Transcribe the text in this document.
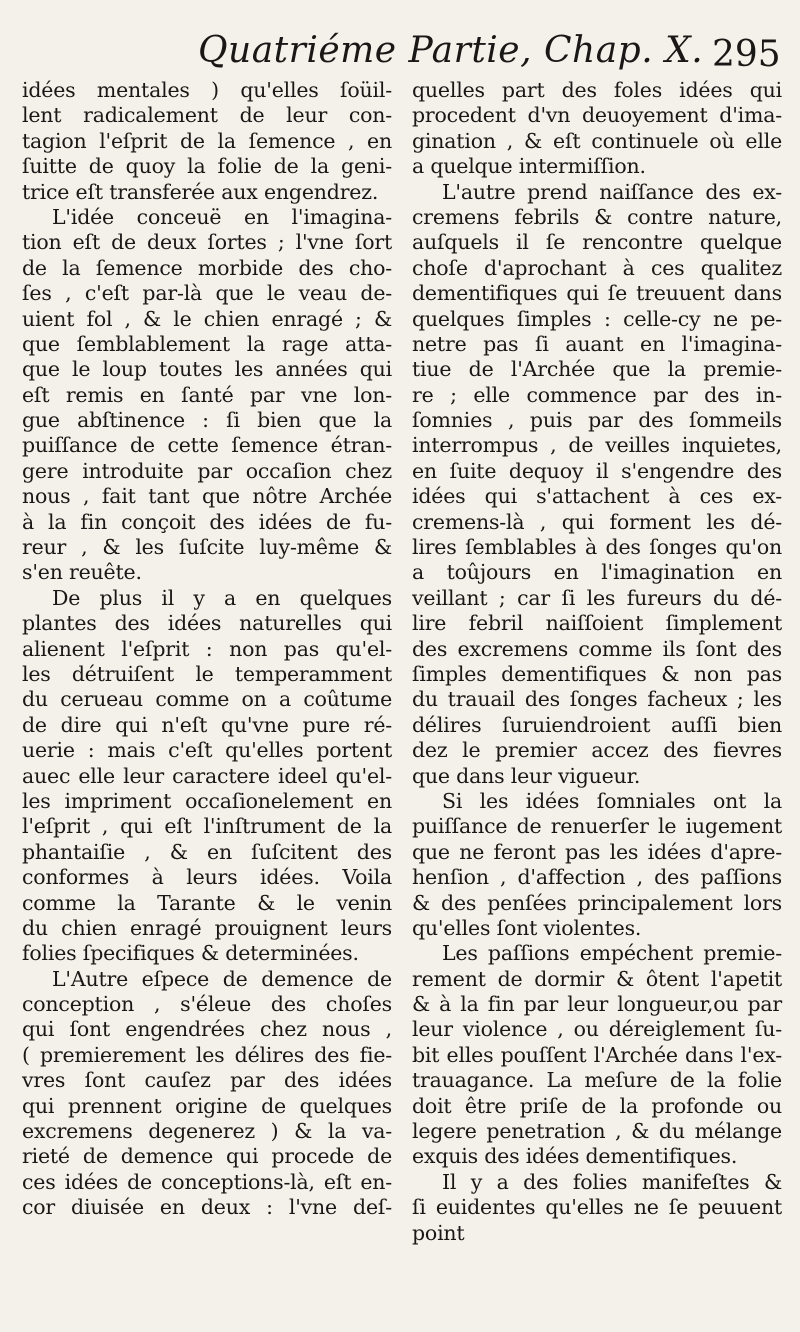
Quatriéme Partie, Chap. X. 295
idées mentales ) qu'elles ſoüil-
lent radicalement de leur con-
tagion l'eſprit de la ſemence , en
ſuitte de quoy la folie de la geni-
trice eſt transferée aux engendrez.
L'idée conceuë en l'imagina-
tion eſt de deux ſortes ; l'vne ſort
de la ſemence morbide des cho-
ſes , c'eſt par-là que le veau de-
uient fol , & le chien enragé ; &
que ſemblablement la rage atta-
que le loup toutes les années qui
eſt remis en ſanté par vne lon-
gue abſtinence : ſi bien que la
puiſſance de cette ſemence étran-
gere introduite par occaſion chez
nous , fait tant que nôtre Archée
à la fin conçoit des idées de fu-
reur , & les ſuſcite luy-même &
s'en reuête.
De plus il y a en quelques
plantes des idées naturelles qui
alienent l'eſprit : non pas qu'el-
les détruiſent le temperamment
du cerueau comme on a coûtume
de dire qui n'eſt qu'vne pure ré-
uerie : mais c'eſt qu'elles portent
auec elle leur caractere ideel qu'el-
les impriment occaſionelement en
l'eſprit , qui eſt l'inſtrument de la
phantaiſie , & en ſuſcitent des
conformes à leurs idées. Voila
comme la Tarante & le venin
du chien enragé prouignent leurs
folies ſpecifiques & determinées.
L'Autre eſpece de demence de
conception , s'éleue des choſes
qui ſont engendrées chez nous ,
( premierement les délires des fie-
vres ſont cauſez par des idées
qui prennent origine de quelques
excremens degenerez ) & la va-
rieté de demence qui procede de
ces idées de conceptions-là, eſt en-
cor diuisée en deux : l'vne deſ-
quelles part des foles idées qui
procedent d'vn deuoyement d'ima-
gination , & eſt continuele où elle
a quelque intermiſſion.
L'autre prend naiſſance des ex-
cremens febrils & contre nature,
auſquels il ſe rencontre quelque
choſe d'aprochant à ces qualitez
dementifiques qui ſe treuuent dans
quelques ſimples : celle-cy ne pe-
netre pas ſi auant en l'imagina-
tiue de l'Archée que la premie-
re ; elle commence par des in-
ſomnies , puis par des ſommeils
interrompus , de veilles inquietes,
en ſuite dequoy il s'engendre des
idées qui s'attachent à ces ex-
cremens-là , qui forment les dé-
lires ſemblables à des ſonges qu'on
a toûjours en l'imagination en
veillant ; car ſi les fureurs du dé-
lire febril naiſſoient ſimplement
des excremens comme ils ſont des
ſimples dementifiques & non pas
du trauail des ſonges facheux ; les
délires ſuruiendroient auſſi bien
dez le premier accez des fievres
que dans leur vigueur.
Si les idées ſomniales ont la
puiſſance de renuerſer le iugement
que ne feront pas les idées d'apre-
henſion , d'affection , des paſſions
& des penſées principalement lors
qu'elles ſont violentes.
Les paſſions empéchent premie-
rement de dormir & ôtent l'apetit
& à la fin par leur longueur,ou par
leur violence , ou déreiglement ſu-
bit elles pouſſent l'Archée dans l'ex-
trauagance. La meſure de la folie
doit être priſe de la profonde ou
legere penetration , & du mélange
exquis des idées dementifiques.
Il y a des folies manifeſtes &
ſi euidentes qu'elles ne ſe peuuent
point
